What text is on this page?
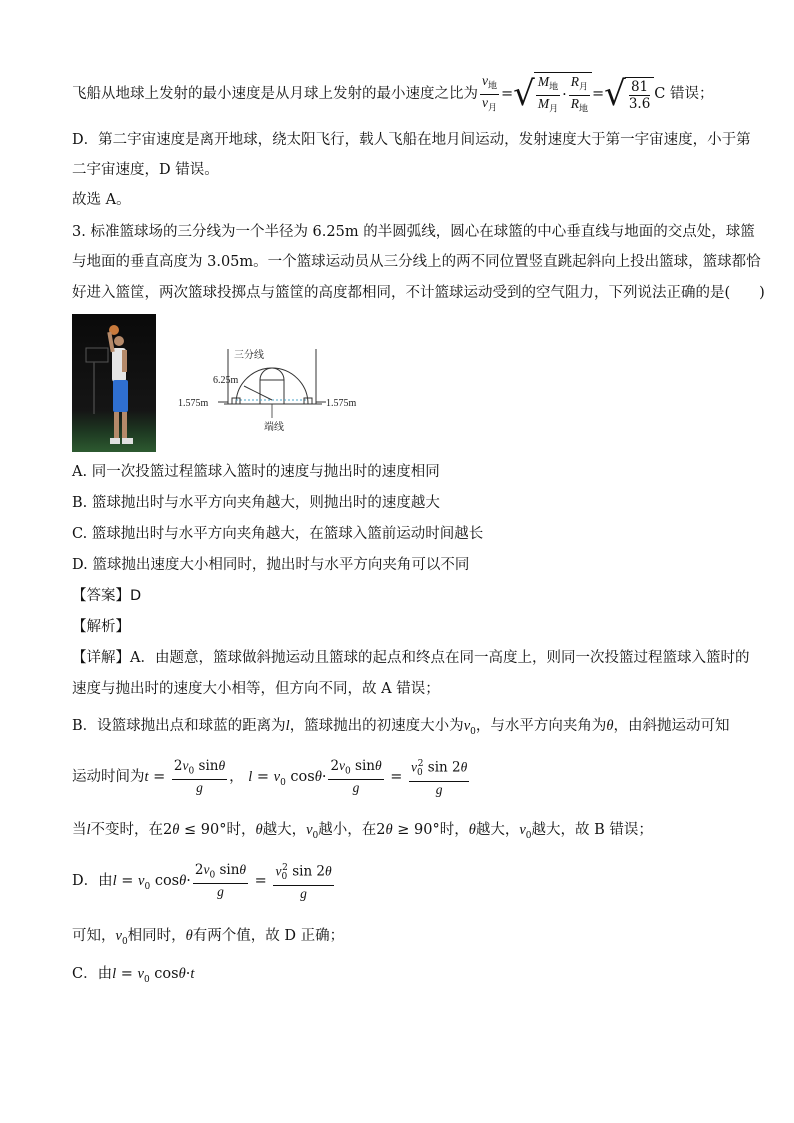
飞船从地球上发射的最小速度是从月球上发射的最小速度之比为 $\frac{v_地}{v_月}$ = √ $\frac{M_地}{M_月} \cdot \frac{R_月}{R_地}$ = √ $\frac{81}{3.6}$ C 错误；
D．第二宇宙速度是离开地球，绕太阳飞行，载人飞船在地月间运动，发射速度大于第一宇宙速度，小于第
二宇宙速度，D 错误。
故选 A。
3. 标准篮球场的三分线为一个半径为 6.25m 的半圆弧线，圆心在球篮的中心垂直线与地面的交点处，球篮
与地面的垂直高度为 3.05m。一个篮球运动员从三分线上的两不同位置竖直跳起斜向上投出篮球，篮球都恰
好进入篮筐，两次篮球投掷点与篮筐的高度都相同，不计篮球运动受到的空气阻力，下列说法正确的是(　　)
三分线
6.25m
1.575m	1.575m
端线
A. 同一次投篮过程篮球入篮时的速度与抛出时的速度相同
B. 篮球抛出时与水平方向夹角越大，则抛出时的速度越大
C. 篮球抛出时与水平方向夹角越大，在篮球入篮前运动时间越长
D. 篮球抛出速度大小相同时，抛出时与水平方向夹角可以不同
【答案】D
【解析】
【详解】A．由题意，篮球做斜抛运动且篮球的起点和终点在同一高度上，则同一次投篮过程篮球入篮时的
速度与抛出时的速度大小相等，但方向不同，故 A 错误；
B．设篮球抛出点和球蓝的距离为l，篮球抛出的初速度大小为$v_0$，与水平方向夹角为θ，由斜抛运动可知
运动时间为$t = \frac{2v_0 \sin\theta}{g}$ ， $l = v_0$ $\cos\theta\cdot \frac{2v_0 \sin\theta}{g} = \frac{v_0^2 \sin 2\theta}{g}$
当l不变时，在2θ ≤ 90°时，θ越大，$v_0$越小，在2θ ≥ 90°时，θ越大，$v_0$越大，故 B 错误；
D．由$l = v_0$ $\cos\theta\cdot \frac{2v_0 \sin\theta}{g} = \frac{v_0^2 \sin 2\theta}{g}$
可知，$v_0$相同时，θ有两个值，故 D 正确；
C．由$l = v_0$ cosθ·t
